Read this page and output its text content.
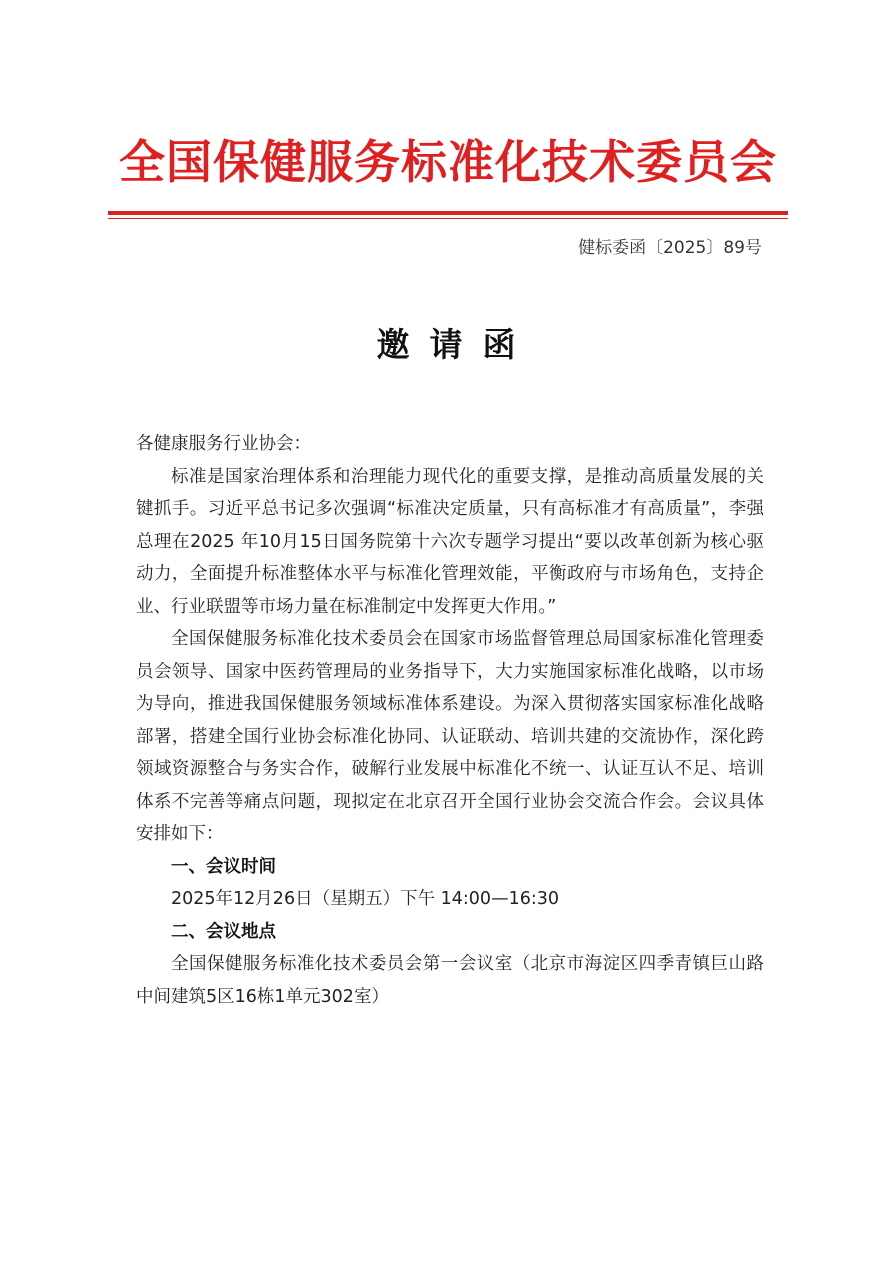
全国保健服务标准化技术委员会
健标委函〔2025〕89号
邀请函

各健康服务行业协会：

标准是国家治理体系和治理能力现代化的重要支撑，是推动高质量发展的关键抓手。习近平总书记多次强调“标准决定质量，只有高标准才有高质量”，李强总理在2025 年10月15日国务院第十六次专题学习提出“要以改革创新为核心驱动力，全面提升标准整体水平与标准化管理效能，平衡政府与市场角色，支持企业、行业联盟等市场力量在标准制定中发挥更大作用。”

全国保健服务标准化技术委员会在国家市场监督管理总局国家标准化管理委员会领导、国家中医药管理局的业务指导下，大力实施国家标准化战略，以市场为导向，推进我国保健服务领域标准体系建设。为深入贯彻落实国家标准化战略部署，搭建全国行业协会标准化协同、认证联动、培训共建的交流协作，深化跨领域资源整合与务实合作，破解行业发展中标准化不统一、认证互认不足、培训体系不完善等痛点问题，现拟定在北京召开全国行业协会交流合作会。会议具体安排如下：

一、会议时间

2025年12月26日（星期五）下午 14:00—16:30

二、会议地点

全国保健服务标准化技术委员会第一会议室（北京市海淀区四季青镇巨山路中间建筑5区16栋1单元302室）
